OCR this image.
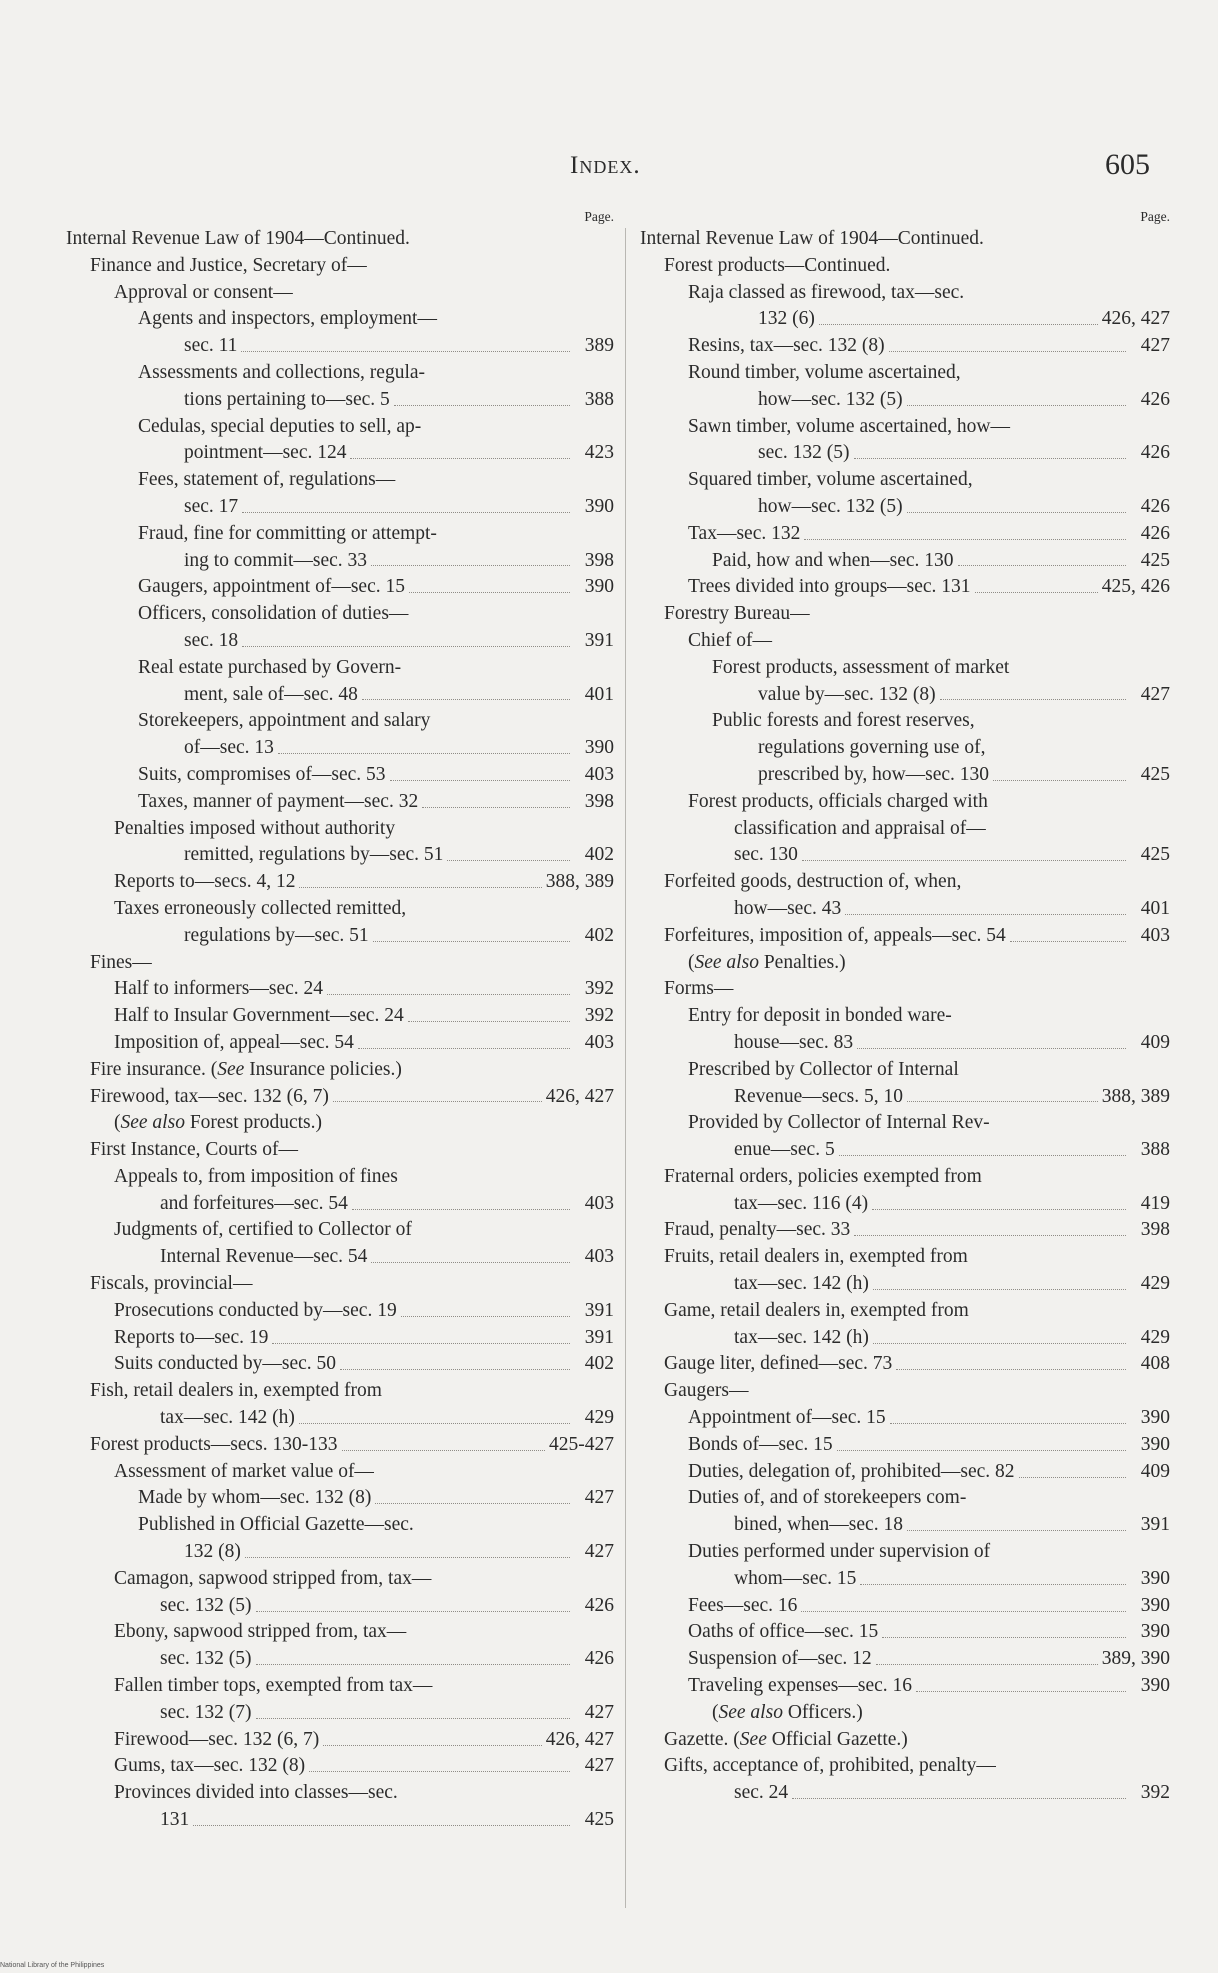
Index.	605
Page.
Internal Revenue Law of 1904—Continued.
Finance and Justice, Secretary of—
Approval or consent—
Agents and inspectors, employment—
sec. 11	389
Assessments and collections, regula-
tions pertaining to—sec. 5	388
Cedulas, special deputies to sell, ap-
pointment—sec. 124	423
Fees, statement of, regulations—
sec. 17	390
Fraud, fine for committing or attempt-
ing to commit—sec. 33	398
Gaugers, appointment of—sec. 15	390
Officers, consolidation of duties—
sec. 18	391
Real estate purchased by Govern-
ment, sale of—sec. 48	401
Storekeepers, appointment and salary
of—sec. 13	390
Suits, compromises of—sec. 53	403
Taxes, manner of payment—sec. 32	398
Penalties imposed without authority
remitted, regulations by—sec. 51	402
Reports to—secs. 4, 12	388, 389
Taxes erroneously collected remitted,
regulations by—sec. 51	402
Fines—
Half to informers—sec. 24	392
Half to Insular Government—sec. 24	392
Imposition of, appeal—sec. 54	403
Fire insurance. (See Insurance policies.)
Firewood, tax—sec. 132 (6, 7)	426, 427
(See also Forest products.)
First Instance, Courts of—
Appeals to, from imposition of fines
and forfeitures—sec. 54	403
Judgments of, certified to Collector of
Internal Revenue—sec. 54	403
Fiscals, provincial—
Prosecutions conducted by—sec. 19	391
Reports to—sec. 19	391
Suits conducted by—sec. 50	402
Fish, retail dealers in, exempted from
tax—sec. 142 (h)	429
Forest products—secs. 130-133	425-427
Assessment of market value of—
Made by whom—sec. 132 (8)	427
Published in Official Gazette—sec.
132 (8)	427
Camagon, sapwood stripped from, tax—
sec. 132 (5)	426
Ebony, sapwood stripped from, tax—
sec. 132 (5)	426
Fallen timber tops, exempted from tax—
sec. 132 (7)	427
Firewood—sec. 132 (6, 7)	426, 427
Gums, tax—sec. 132 (8)	427
Provinces divided into classes—sec.
131	425
Page.
Internal Revenue Law of 1904—Continued.
Forest products—Continued.
Raja classed as firewood, tax—sec.
132 (6)	426, 427
Resins, tax—sec. 132 (8)	427
Round timber, volume ascertained,
how—sec. 132 (5)	426
Sawn timber, volume ascertained, how—
sec. 132 (5)	426
Squared timber, volume ascertained,
how—sec. 132 (5)	426
Tax—sec. 132	426
Paid, how and when—sec. 130	425
Trees divided into groups—sec. 131	425, 426
Forestry Bureau—
Chief of—
Forest products, assessment of market
value by—sec. 132 (8)	427
Public forests and forest reserves,
regulations governing use of,
prescribed by, how—sec. 130	425
Forest products, officials charged with
classification and appraisal of—
sec. 130	425
Forfeited goods, destruction of, when,
how—sec. 43	401
Forfeitures, imposition of, appeals—sec. 54	403
(See also Penalties.)
Forms—
Entry for deposit in bonded ware-
house—sec. 83	409
Prescribed by Collector of Internal
Revenue—secs. 5, 10	388, 389
Provided by Collector of Internal Rev-
enue—sec. 5	388
Fraternal orders, policies exempted from
tax—sec. 116 (4)	419
Fraud, penalty—sec. 33	398
Fruits, retail dealers in, exempted from
tax—sec. 142 (h)	429
Game, retail dealers in, exempted from
tax—sec. 142 (h)	429
Gauge liter, defined—sec. 73	408
Gaugers—
Appointment of—sec. 15	390
Bonds of—sec. 15	390
Duties, delegation of, prohibited—sec. 82	409
Duties of, and of storekeepers com-
bined, when—sec. 18	391
Duties performed under supervision of
whom—sec. 15	390
Fees—sec. 16	390
Oaths of office—sec. 15	390
Suspension of—sec. 12	389, 390
Traveling expenses—sec. 16	390
(See also Officers.)
Gazette. (See Official Gazette.)
Gifts, acceptance of, prohibited, penalty—
sec. 24	392
National Library of the Philippines
